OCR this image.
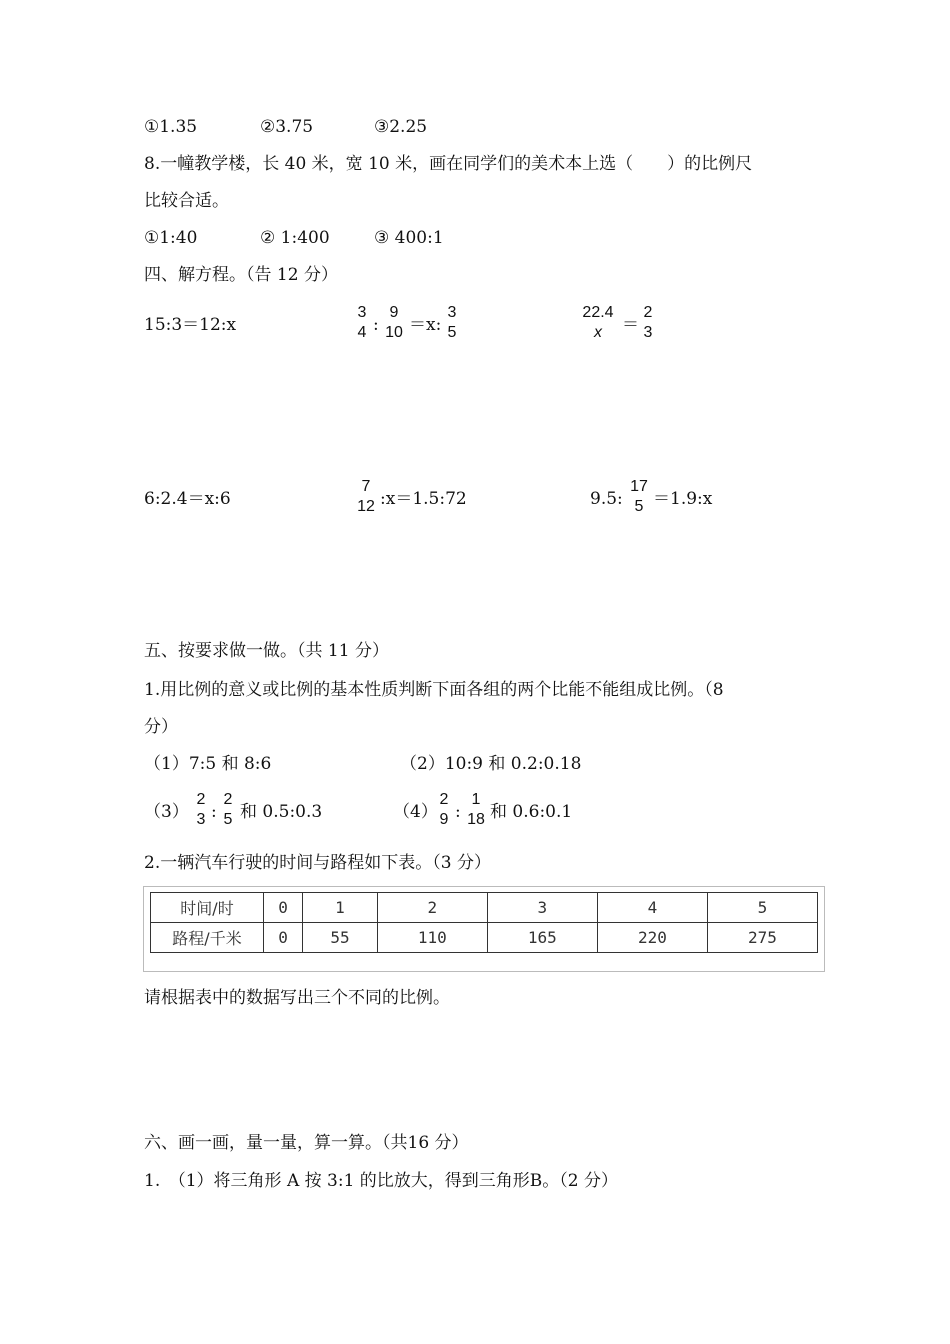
①1.35	②3.75	③2.25
8.一幢教学楼，长 40 米，宽 10 米，画在同学们的美术本上选（　　）的比例尺
比较合适。
①1:40	② 1:400	③ 400:1
四、解方程。（告 12 分）
15:3＝12:x
3
4 :
9
10 ＝x:
3
5
22.4
x	＝
2
3
6:2.4＝x:6
7
12 :x＝1.5:72	9.5:
17
5 ＝1.9:x
五、按要求做一做。（共 11 分）
1.用比例的意义或比例的基本性质判断下面各组的两个比能不能组成比例。（8
分）
（1）7:5 和 8:6	（2）10:9 和 0.2:0.18
（3）
2
3 :
2
5 和 0.5:0.3	（4）
2
9 :
1
18 和 0.6:0.1
2.一辆汽车行驶的时间与路程如下表。（3 分）
时间/时	0	1	2	3	4	5
路程/千米	0	55	110	165	220	275
请根据表中的数据写出三个不同的比例。
六、画一画，量一量，算一算。（共16 分）
1.　（1）将三角形 A 按 3:1 的比放大，得到三角形B。（2 分）
